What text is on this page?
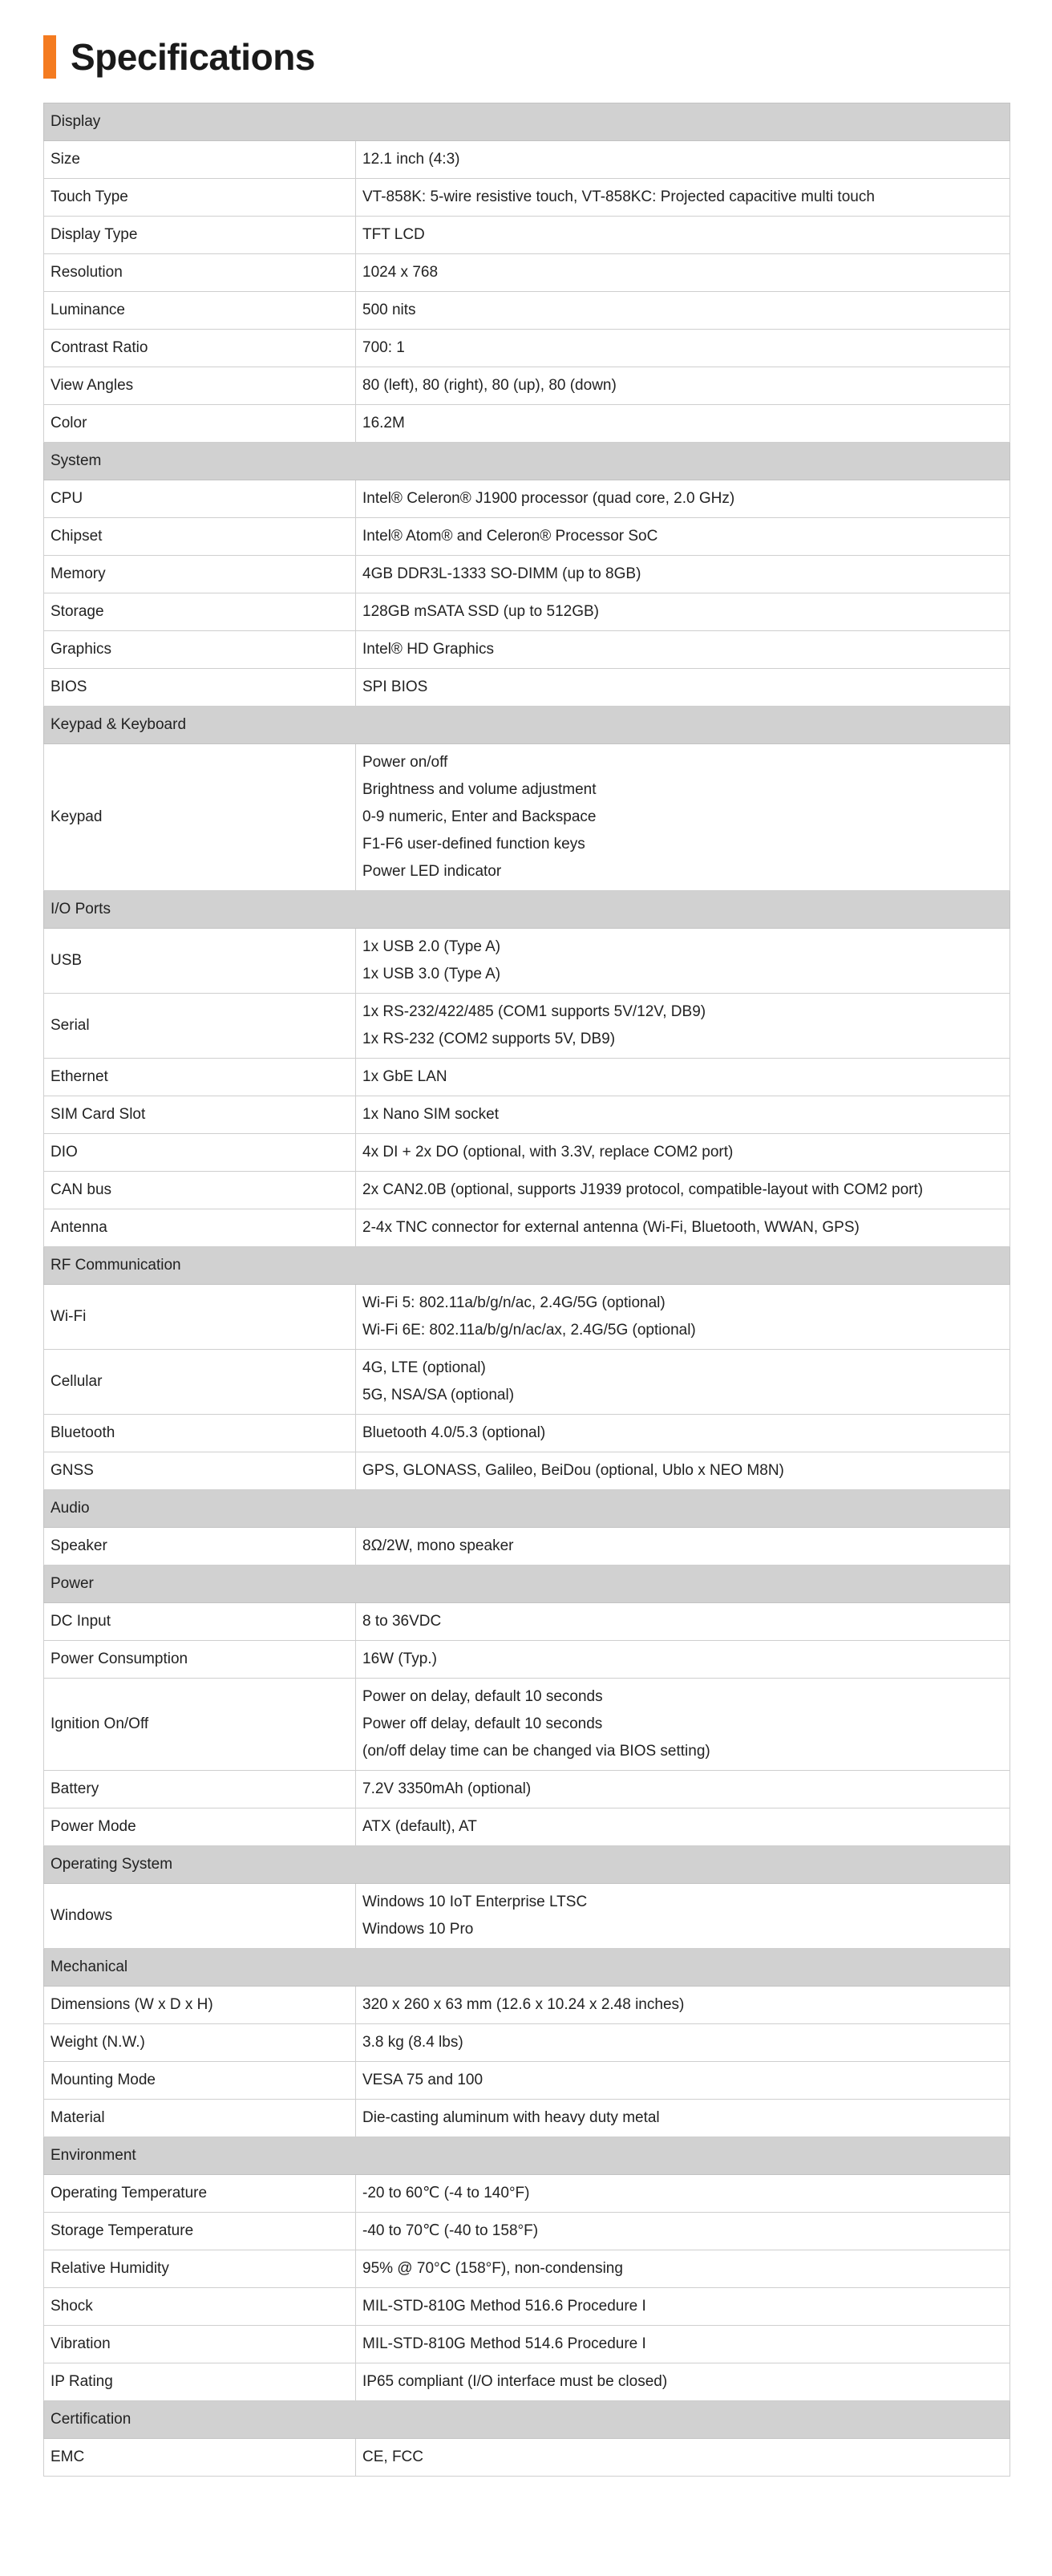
Specifications
Display	
Size	12.1 inch (4:3)

Touch Type	VT-858K: 5-wire resistive touch, VT-858KC: Projected capacitive multi touch

Display Type	TFT LCD

Resolution	1024 x 768

Luminance	500 nits

Contrast Ratio	700: 1

View Angles	80 (left), 80 (right), 80 (up), 80 (down)

Color	16.2M

System	
CPU	Intel® Celeron® J1900 processor (quad core, 2.0 GHz)

Chipset	Intel® Atom® and Celeron® Processor SoC

Memory	4GB DDR3L-1333 SO-DIMM (up to 8GB)

Storage	128GB mSATA SSD (up to 512GB)

Graphics	Intel® HD Graphics

BIOS	SPI BIOS

Keypad & Keyboard	
Keypad	Power on/off
Brightness and volume adjustment
0-9 numeric, Enter and Backspace
F1-F6 user-defined function keys
Power LED indicator

I/O Ports	
USB	1x USB 2.0 (Type A)
1x USB 3.0 (Type A)

Serial	1x RS-232/422/485 (COM1 supports 5V/12V, DB9)
1x RS-232 (COM2 supports 5V, DB9)

Ethernet	1x GbE LAN

SIM Card Slot	1x Nano SIM socket

DIO	4x DI + 2x DO (optional, with 3.3V, replace COM2 port)

CAN bus	2x CAN2.0B (optional, supports J1939 protocol, compatible-layout with COM2 port)

Antenna	2-4x TNC connector for external antenna (Wi-Fi, Bluetooth, WWAN, GPS)

RF Communication	
Wi-Fi	Wi-Fi 5: 802.11a/b/g/n/ac, 2.4G/5G (optional)
Wi-Fi 6E: 802.11a/b/g/n/ac/ax, 2.4G/5G (optional)

Cellular	4G, LTE (optional)
5G, NSA/SA (optional)

Bluetooth	Bluetooth 4.0/5.3 (optional)

GNSS	GPS, GLONASS, Galileo, BeiDou (optional, Ublo x NEO M8N)

Audio	
Speaker	8Ω/2W, mono speaker

Power	
DC Input	8 to 36VDC

Power Consumption	16W (Typ.)

Ignition On/Off	Power on delay, default 10 seconds
Power off delay, default 10 seconds
(on/off delay time can be changed via BIOS setting)

Battery	7.2V 3350mAh (optional)

Power Mode	ATX (default), AT

Operating System	
Windows	Windows 10 IoT Enterprise LTSC
Windows 10 Pro

Mechanical	
Dimensions (W x D x H)	320 x 260 x 63 mm (12.6 x 10.24 x 2.48 inches)

Weight (N.W.)	3.8 kg (8.4 lbs)

Mounting Mode	VESA 75 and 100

Material	Die-casting aluminum with heavy duty metal

Environment	
Operating Temperature	-20 to 60℃ (-4 to 140°F)

Storage Temperature	-40 to 70℃ (-40 to 158°F)

Relative Humidity	95% @ 70°C (158°F), non-condensing

Shock	MIL-STD-810G Method 516.6 Procedure I

Vibration	MIL-STD-810G Method 514.6 Procedure I

IP Rating	IP65 compliant (I/O interface must be closed)

Certification	
EMC	CE, FCC
